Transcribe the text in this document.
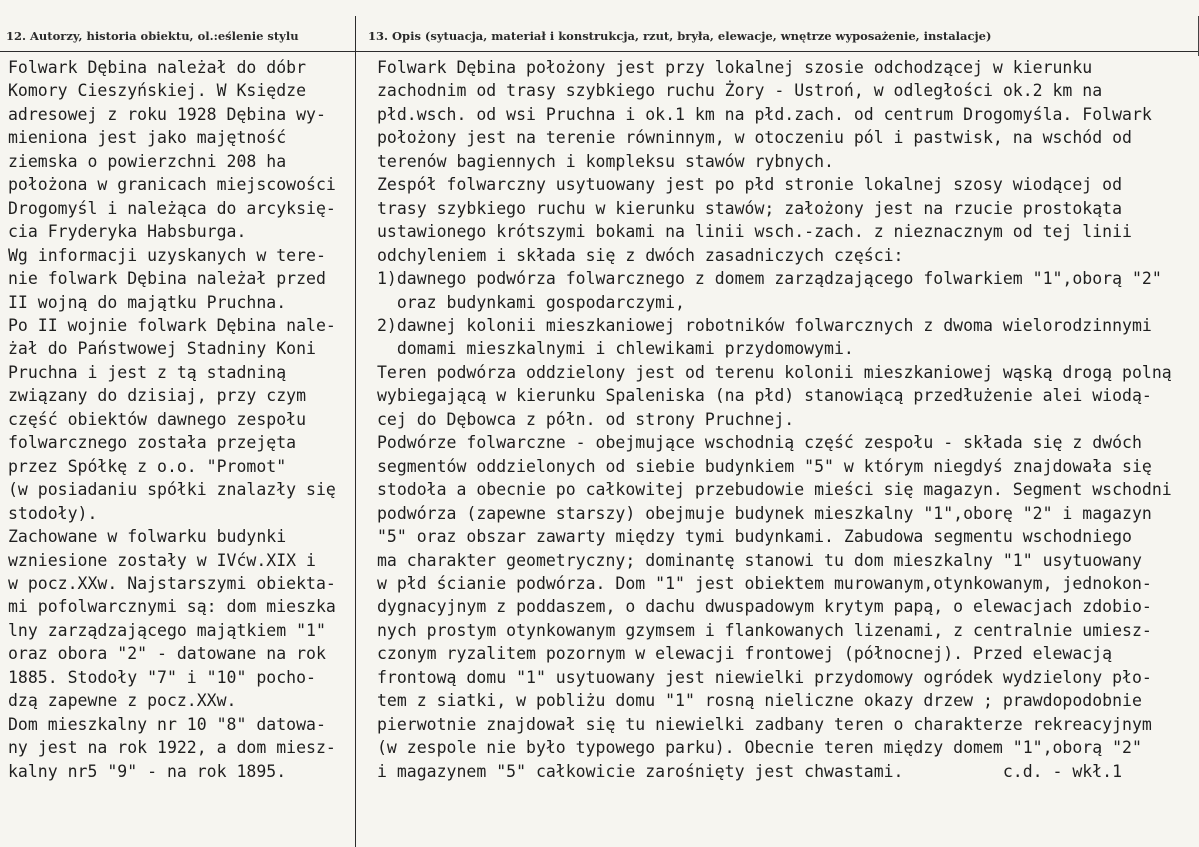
12. Autorzy, historia obiektu, ol.:eślenie stylu
Folwark Dębina należał do dóbr
Komory Cieszyńskiej. W Księdze
adresowej z roku 1928 Dębina wy-
mieniona jest jako majętność
ziemska o powierzchni 208 ha
położona w granicach miejscowości
Drogomyśl i należąca do arcyksię-
cia Fryderyka Habsburga.
Wg informacji uzyskanych w tere-
nie folwark Dębina należał przed
II wojną do majątku Pruchna.
Po II wojnie folwark Dębina nale-
żał do Państwowej Stadniny Koni
Pruchna i jest z tą stadniną
związany do dzisiaj, przy czym
część obiektów dawnego zespołu
folwarcznego została przejęta
przez Spółkę z o.o. "Promot"
(w posiadaniu spółki znalazły się
stodoły).
Zachowane w folwarku budynki
wzniesione zostały w IVćw.XIX i
w pocz.XXw. Najstarszymi obiekta-
mi pofolwarcznymi są: dom mieszka
lny zarządzającego majątkiem "1"
oraz obora "2" - datowane na rok
1885. Stodoły "7" i "10" pocho-
dzą zapewne z pocz.XXw.
Dom mieszkalny nr 10 "8" datowa-
ny jest na rok 1922, a dom miesz-
kalny nr5 "9" - na rok 1895.
13. Opis (sytuacja, materiał i konstrukcja, rzut, bryła, elewacje, wnętrze wyposażenie, instalacje)
Folwark Dębina położony jest przy lokalnej szosie odchodzącej w kierunku
zachodnim od trasy szybkiego ruchu Żory - Ustroń, w odległości ok.2 km na
płd.wsch. od wsi Pruchna i ok.1 km na płd.zach. od centrum Drogomyśla. Folwark
położony jest na terenie równinnym, w otoczeniu pól i pastwisk, na wschód od
terenów bagiennych i kompleksu stawów rybnych.
Zespół folwarczny usytuowany jest po płd stronie lokalnej szosy wiodącej od
trasy szybkiego ruchu w kierunku stawów; założony jest na rzucie prostokąta
ustawionego krótszymi bokami na linii wsch.-zach. z nieznacznym od tej linii
odchyleniem i składa się z dwóch zasadniczych części:
1)dawnego podwórza folwarcznego z domem zarządzającego folwarkiem "1",oborą "2"
oraz budynkami gospodarczymi,
2)dawnej kolonii mieszkaniowej robotników folwarcznych z dwoma wielorodzinnymi
domami mieszkalnymi i chlewikami przydomowymi.
Teren podwórza oddzielony jest od terenu kolonii mieszkaniowej wąską drogą polną
wybiegającą w kierunku Spaleniska (na płd) stanowiącą przedłużenie alei wiodą-
cej do Dębowca z półn. od strony Pruchnej.
Podwórze folwarczne - obejmujące wschodnią część zespołu - składa się z dwóch
segmentów oddzielonych od siebie budynkiem "5" w którym niegdyś znajdowała się
stodoła a obecnie po całkowitej przebudowie mieści się magazyn. Segment wschodni
podwórza (zapewne starszy) obejmuje budynek mieszkalny "1",oborę "2" i magazyn
"5" oraz obszar zawarty między tymi budynkami. Zabudowa segmentu wschodniego
ma charakter geometryczny; dominantę stanowi tu dom mieszkalny "1" usytuowany
w płd ścianie podwórza. Dom "1" jest obiektem murowanym,otynkowanym, jednokon-
dygnacyjnym z poddaszem, o dachu dwuspadowym krytym papą, o elewacjach zdobio-
nych prostym otynkowanym gzymsem i flankowanych lizenami, z centralnie umiesz-
czonym ryzalitem pozornym w elewacji frontowej (północnej). Przed elewacją
frontową domu "1" usytuowany jest niewielki przydomowy ogródek wydzielony pło-
tem z siatki, w pobliżu domu "1" rosną nieliczne okazy drzew ; prawdopodobnie
pierwotnie znajdował się tu niewielki zadbany teren o charakterze rekreacyjnym
(w zespole nie było typowego parku). Obecnie teren między domem "1",oborą "2"
i magazynem "5" całkowicie zarośnięty jest chwastami.          c.d. - wkł.1
